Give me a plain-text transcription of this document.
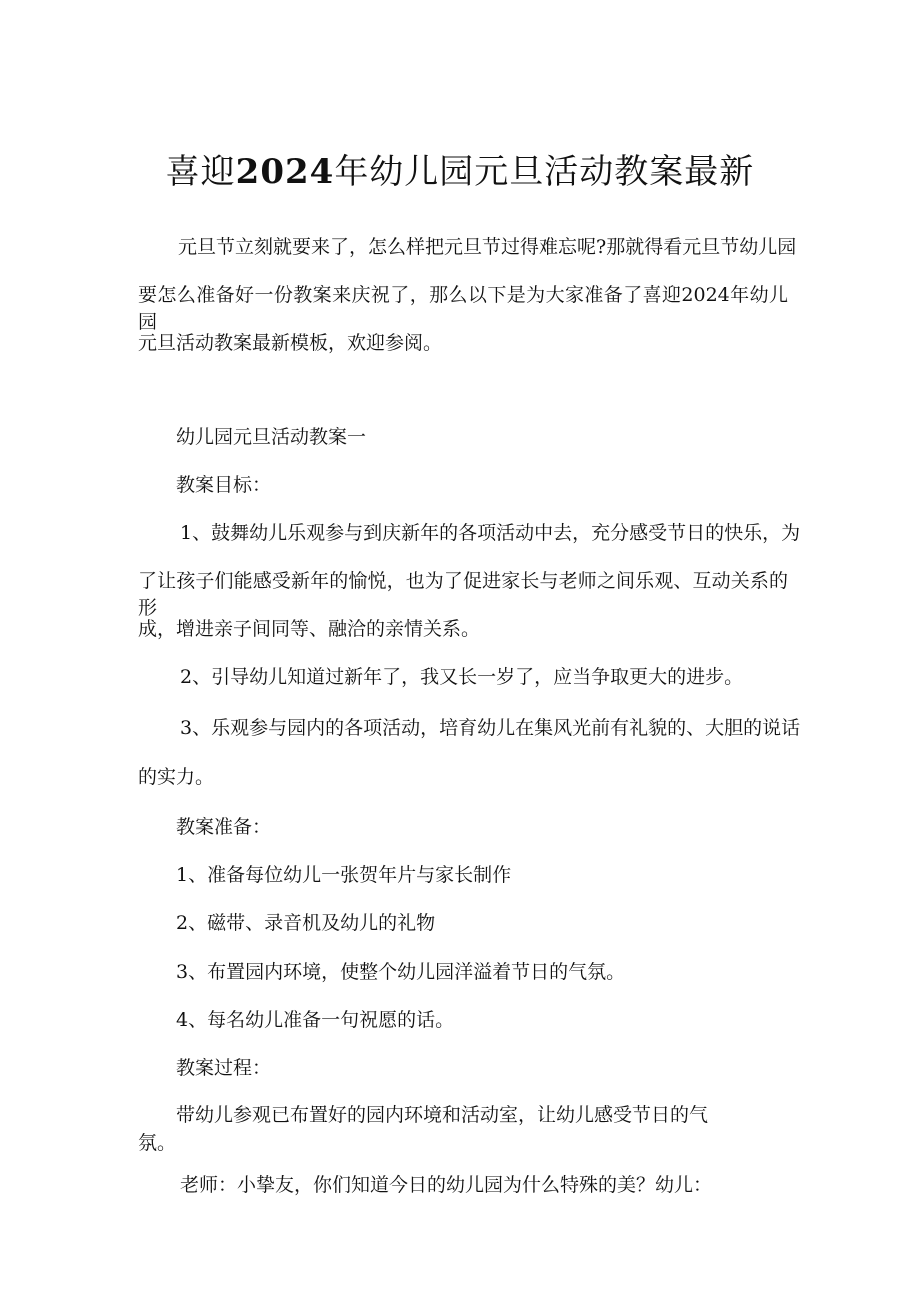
喜迎2024年幼儿园元旦活动教案最新
元旦节立刻就要来了，怎么样把元旦节过得难忘呢?那就得看元旦节幼儿园
要怎么准备好一份教案来庆祝了，那么以下是为大家准备了喜迎2024年幼儿园
元旦活动教案最新模板，欢迎参阅。
幼儿园元旦活动教案一
教案目标：
1、鼓舞幼儿乐观参与到庆新年的各项活动中去，充分感受节日的快乐，为
了让孩子们能感受新年的愉悦，也为了促进家长与老师之间乐观、互动关系的形
成，增进亲子间同等、融洽的亲情关系。
2、引导幼儿知道过新年了，我又长一岁了，应当争取更大的进步。
3、乐观参与园内的各项活动，培育幼儿在集风光前有礼貌的、大胆的说话
的实力。
教案准备：
1、准备每位幼儿一张贺年片与家长制作
2、磁带、录音机及幼儿的礼物
3、布置园内环境，使整个幼儿园洋溢着节日的气氛。
4、每名幼儿准备一句祝愿的话。
教案过程：
带幼儿参观已布置好的园内环境和活动室，让幼儿感受节日的气
氛。
老师：小挚友，你们知道今日的幼儿园为什么特殊的美？幼儿：
